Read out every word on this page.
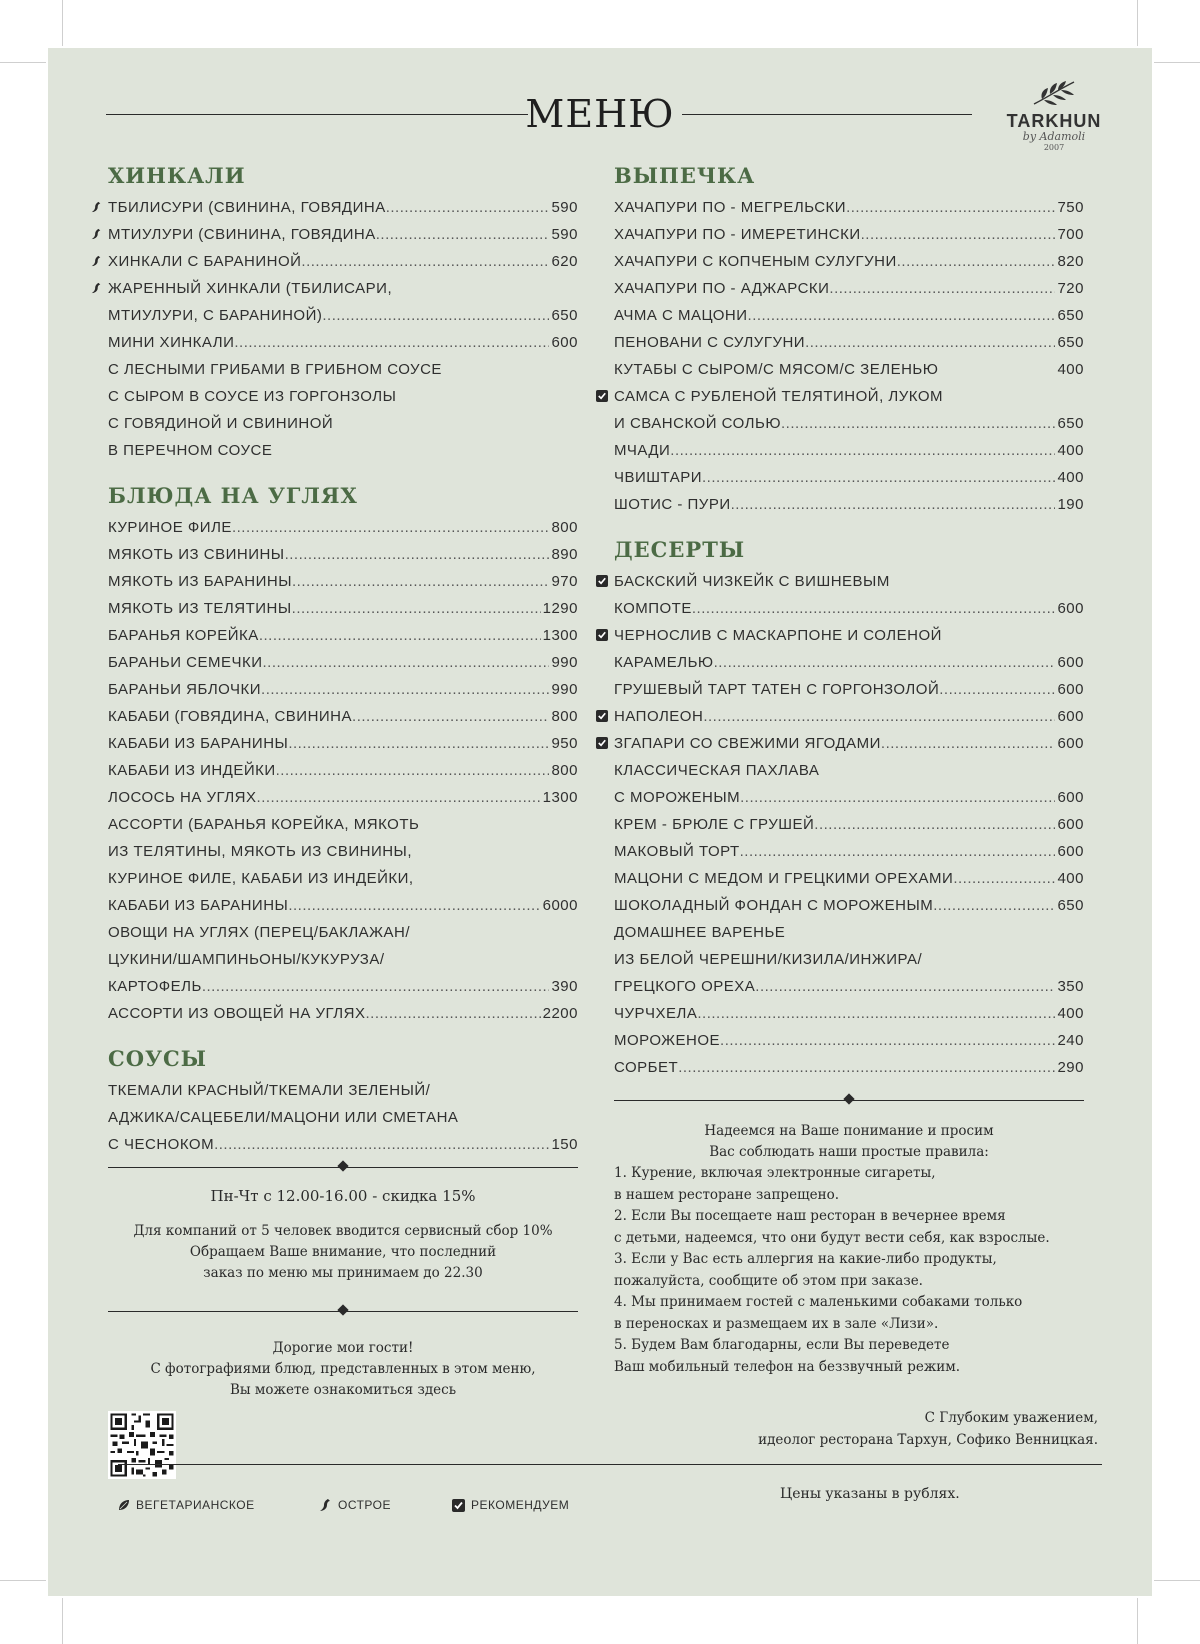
МЕНЮ	TARKHUN
by Adamoli
2007
ХИНКАЛИ
ТБИЛИСУРИ (СВИНИНА, ГОВЯДИНА .....	590
МТИУЛУРИ (СВИНИНА, ГОВЯДИНА .....	590
ХИНКАЛИ С БАРАНИНОЙ .....	620
ЖАРЕННЫЙ ХИНКАЛИ (ТБИЛИСАРИ,
МТИУЛУРИ, С БАРАНИНОЙ) .....	650
МИНИ ХИНКАЛИ .....	600
С ЛЕСНЫМИ ГРИБАМИ В ГРИБНОМ СОУСЕ
С СЫРОМ В СОУСЕ ИЗ ГОРГОНЗОЛЫ
С ГОВЯДИНОЙ И СВИНИНОЙ
В ПЕРЕЧНОМ СОУСЕ
БЛЮДА НА УГЛЯХ
КУРИНОЕ ФИЛЕ .....	800
МЯКОТЬ ИЗ СВИНИНЫ .....	890
МЯКОТЬ ИЗ БАРАНИНЫ .....	970
МЯКОТЬ ИЗ ТЕЛЯТИНЫ .....	1290
БАРАНЬЯ КОРЕЙКА .....	1300
БАРАНЬИ СЕМЕЧКИ .....	990
БАРАНЬИ ЯБЛОЧКИ .....	990
КАБАБИ (ГОВЯДИНА, СВИНИНА .....	800
КАБАБИ ИЗ БАРАНИНЫ .....	950
КАБАБИ ИЗ ИНДЕЙКИ .....	800
ЛОСОСЬ НА УГЛЯХ .....	1300
АССОРТИ (БАРАНЬЯ КОРЕЙКА, МЯКОТЬ
ИЗ ТЕЛЯТИНЫ, МЯКОТЬ ИЗ СВИНИНЫ,
КУРИНОЕ ФИЛЕ, КАБАБИ ИЗ ИНДЕЙКИ,
КАБАБИ ИЗ БАРАНИНЫ .....	6000
ОВОЩИ НА УГЛЯХ (ПЕРЕЦ/БАКЛАЖАН/
ЦУКИНИ/ШАМПИНЬОНЫ/КУКУРУЗА/
КАРТОФЕЛЬ .....	390
АССОРТИ ИЗ ОВОЩЕЙ НА УГЛЯХ .....	2200
СОУСЫ
ТКЕМАЛИ КРАСНЫЙ/ТКЕМАЛИ ЗЕЛЕНЫЙ/
АДЖИКА/САЦЕБЕЛИ/МАЦОНИ ИЛИ СМЕТАНА
С ЧЕСНОКОМ .....	150
Пн-Чт с 12.00-16.00 - скидка 15%
Для компаний от 5 человек вводится сервисный сбор 10%
Обращаем Ваше внимание, что последний
заказ по меню мы принимаем до 22.30
Дорогие мои гости!
С фотографиями блюд, представленных в этом меню,
Вы можете ознакомиться здесь
ВЫПЕЧКА
ХАЧАПУРИ ПО - МЕГРЕЛЬСКИ .....	750
ХАЧАПУРИ ПО - ИМЕРЕТИНСКИ .....	700
ХАЧАПУРИ С КОПЧЕНЫМ СУЛУГУНИ .....	820
ХАЧАПУРИ ПО - АДЖАРСКИ .....	720
АЧМА С МАЦОНИ .....	650
ПЕНОВАНИ С СУЛУГУНИ .....	650
КУТАБЫ С СЫРОМ/С МЯСОМ/С ЗЕЛЕНЬЮ	400
САМСА С РУБЛЕНОЙ ТЕЛЯТИНОЙ, ЛУКОМ
И СВАНСКОЙ СОЛЬЮ .....	650
МЧАДИ .....	400
ЧВИШТАРИ .....	400
ШОТИС - ПУРИ .....	190
ДЕСЕРТЫ
БАСКСКИЙ ЧИЗКЕЙК С ВИШНЕВЫМ
КОМПОТЕ .....	600
ЧЕРНОСЛИВ С МАСКАРПОНЕ И СОЛЕНОЙ
КАРАМЕЛЬЮ .....	600
ГРУШЕВЫЙ ТАРТ ТАТЕН С ГОРГОНЗОЛОЙ .....	600
НАПОЛЕОН .....	600
ЗГАПАРИ СО СВЕЖИМИ ЯГОДАМИ .....	600
КЛАССИЧЕСКАЯ ПАХЛАВА
С МОРОЖЕНЫМ .....	600
КРЕМ - БРЮЛЕ С ГРУШЕЙ .....	600
МАКОВЫЙ ТОРТ .....	600
МАЦОНИ С МЕДОМ И ГРЕЦКИМИ ОРЕХАМИ .....	400
ШОКОЛАДНЫЙ ФОНДАН С МОРОЖЕНЫМ .....	650
ДОМАШНЕЕ ВАРЕНЬЕ
ИЗ БЕЛОЙ ЧЕРЕШНИ/КИЗИЛА/ИНЖИРА/
ГРЕЦКОГО ОРЕХА .....	350
ЧУРЧХЕЛА .....	400
МОРОЖЕНОЕ .....	240
СОРБЕТ .....	290
Надеемся на Ваше понимание и просим
Вас соблюдать наши простые правила:
1. Курение, включая электронные сигареты,
в нашем ресторане запрещено.
2. Если Вы посещаете наш ресторан в вечернее время
с детьми, надеемся, что они будут вести себя, как взрослые.
3. Если у Вас есть аллергия на какие-либо продукты,
пожалуйста, сообщите об этом при заказе.
4. Мы принимаем гостей с маленькими собаками только
в переносках и размещаем их в зале «Лизи».
5. Будем Вам благодарны, если Вы переведете
Ваш мобильный телефон на беззвучный режим.
С Глубоким уважением,
идеолог ресторана Тархун, Софико Венницкая.
ВЕГЕТАРИАНСКОЕ	ОСТРОЕ	РЕКОМЕНДУЕМ
Цены указаны в рублях.
